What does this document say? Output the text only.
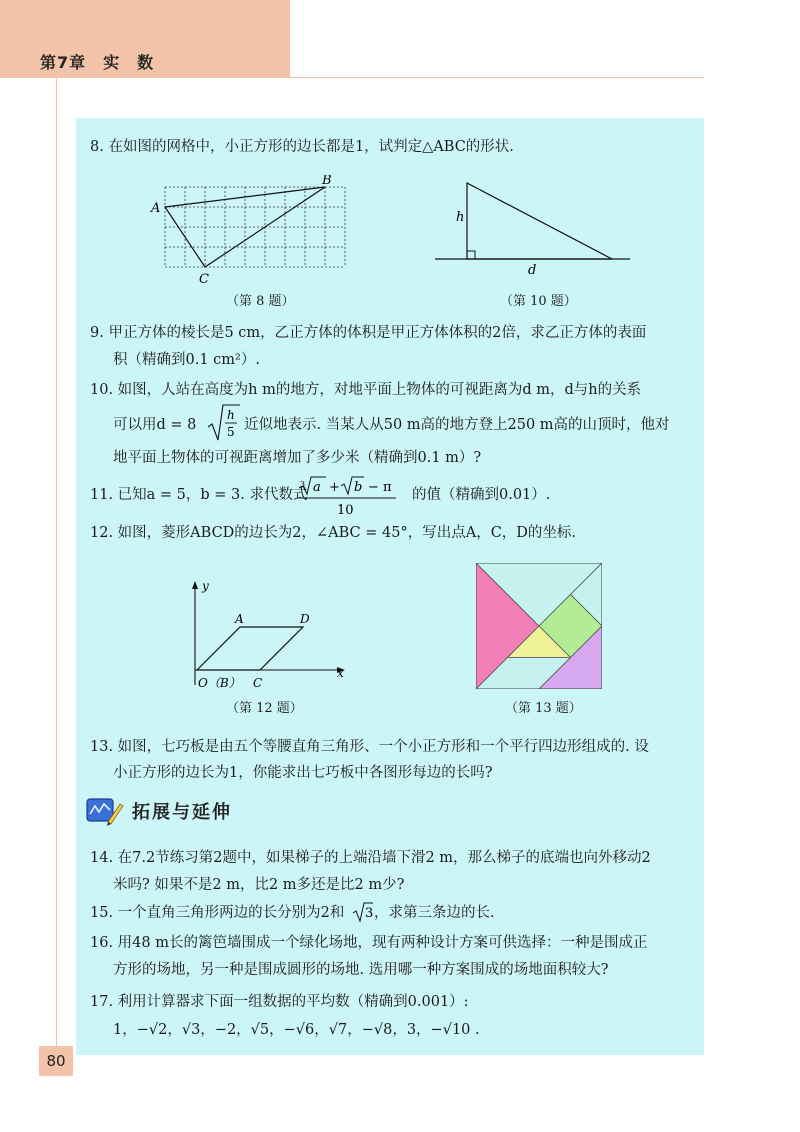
第7章　实　数
8. 在如图的网格中，小正方形的边长都是1，试判定△ABC的形状.
A
B
C
（第 8 题）
h
d
（第 10 题）
9. 甲正方体的棱长是5 cm，乙正方体的体积是甲正方体体积的2倍，求乙正方体的表面
积（精确到0.1 cm²）.
10. 如图，人站在高度为h m的地方，对地平面上物体的可视距离为d m，d与h的关系
可以用d = 8
h
5 近似地表示. 当某人从50 m高的地方登上250 m高的山顶时，他对
地平面上物体的可视距离增加了多少米（精确到0.1 m）?
11. 已知a = 5，b = 3. 求代数式
3 a + b − π
10
的值（精确到0.01）.
12. 如图，菱形ABCD的边长为2，∠ABC = 45°，写出点A，C，D的坐标.
y
x
A	D
O（B） C
（第 12 题）	（第 13 题）
13. 如图，七巧板是由五个等腰直角三角形、一个小正方形和一个平行四边形组成的. 设
小正方形的边长为1，你能求出七巧板中各图形每边的长吗?
拓展与延伸
14. 在7.2节练习第2题中，如果梯子的上端沿墙下滑2 m，那么梯子的底端也向外移动2
米吗? 如果不是2 m，比2 m多还是比2 m少?
15. 一个直角三角形两边的长分别为2和 3 ，求第三条边的长.
16. 用48 m长的篱笆墙围成一个绿化场地，现有两种设计方案可供选择：一种是围成正
方形的场地，另一种是围成圆形的场地. 选用哪一种方案围成的场地面积较大?
17. 利用计算器求下面一组数据的平均数（精确到0.001）:
1，−√2，√3，−2，√5，−√6，√7，−√8，3，−√10 .
80
